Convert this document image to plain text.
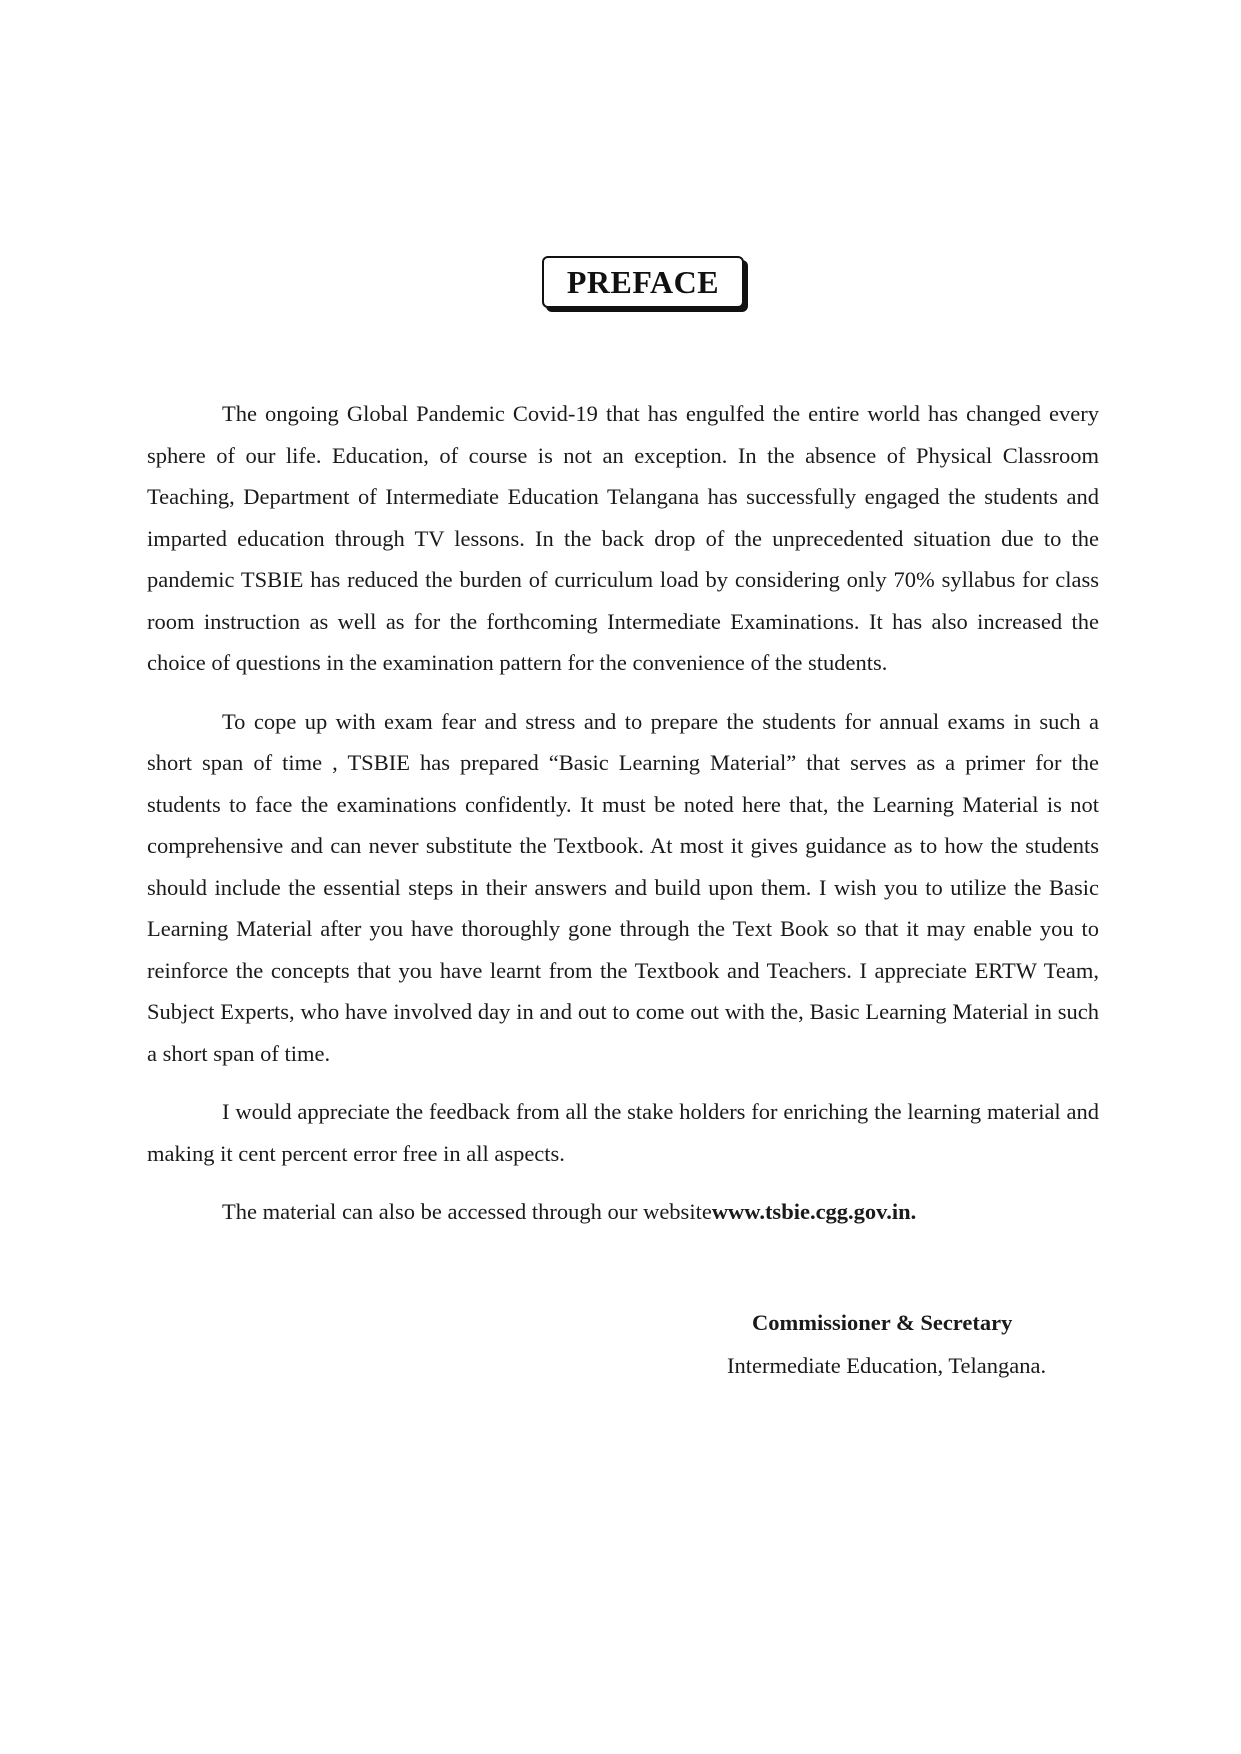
PREFACE

The ongoing Global Pandemic Covid-19 that has engulfed the entire world has changed every sphere of our life. Education, of course is not an exception. In the absence of Physical Classroom Teaching, Department of Intermediate Education Telangana has successfully engaged the students and imparted education through TV lessons. In the back drop of the unprecedented situation due to the pandemic TSBIE has reduced the burden of curriculum load by considering only 70% syllabus for class room instruction as well as for the forthcoming Intermediate Examinations. It has also increased the choice of questions in the examination pattern for the convenience of the students.

To cope up with exam fear and stress and to prepare the students for annual exams in such a short span of time , TSBIE has prepared “Basic Learning Material” that serves as a primer for the students to face the examinations confidently. It must be noted here that, the Learning Material is not comprehensive and can never substitute the Textbook. At most it gives guidance as to how the students should include the essential steps in their answers and build upon them. I wish you to utilize the Basic Learning Material after you have thoroughly gone through the Text Book so that it may enable you to reinforce the concepts that you have learnt from the Textbook and Teachers. I appreciate ERTW Team, Subject Experts, who have involved day in and out to come out with the, Basic Learning Material in such a short span of time.

I would appreciate the feedback from all the stake holders for enriching the learning material and making it cent percent error free in all aspects.

The material can also be accessed through our websitewww.tsbie.cgg.gov.in.

Commissioner & Secretary
Intermediate Education, Telangana.
